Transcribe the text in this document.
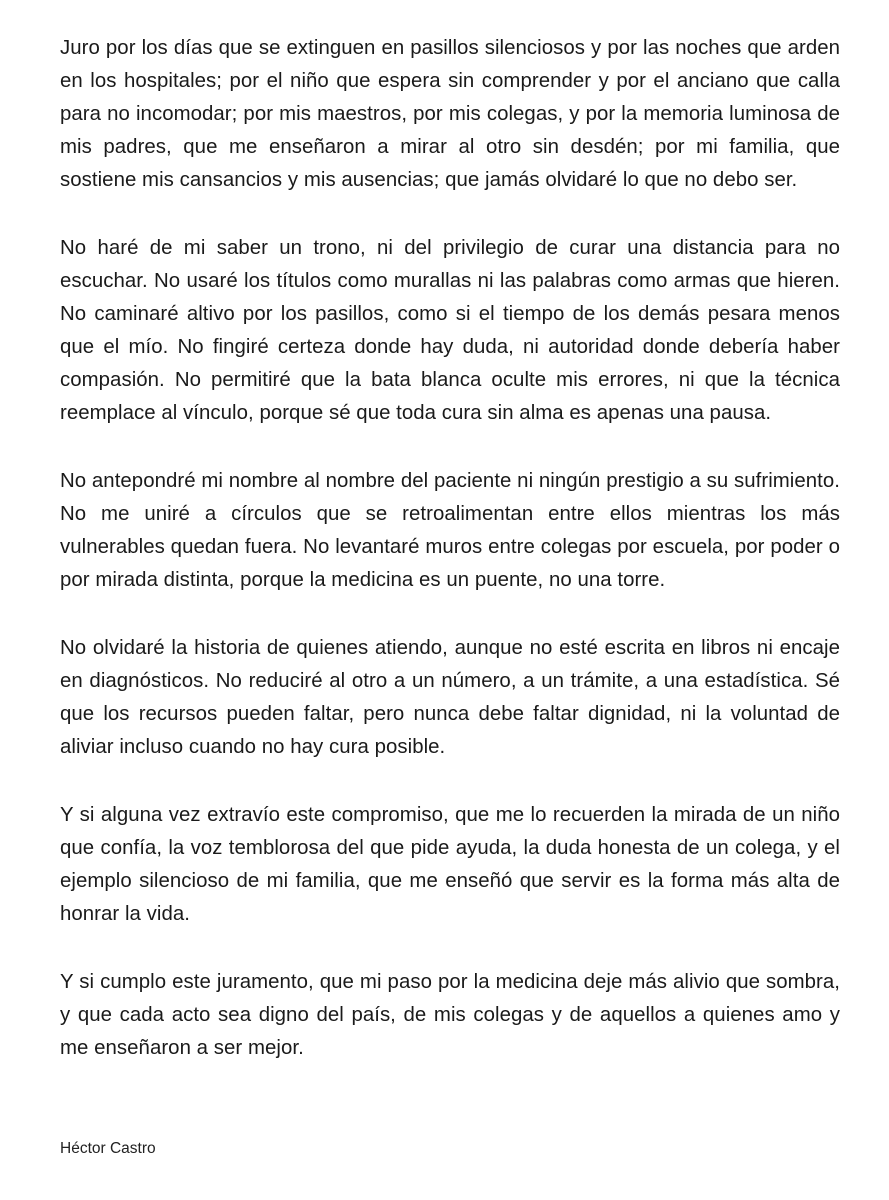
Juro por los días que se extinguen en pasillos silenciosos y por las noches que arden en los hospitales; por el niño que espera sin comprender y por el anciano que calla para no incomodar; por mis maestros, por mis colegas, y por la memoria luminosa de mis padres, que me enseñaron a mirar al otro sin desdén; por mi familia, que sostiene mis cansancios y mis ausencias; que jamás olvidaré lo que no debo ser.

No haré de mi saber un trono, ni del privilegio de curar una distancia para no escuchar. No usaré los títulos como murallas ni las palabras como armas que hieren. No caminaré altivo por los pasillos, como si el tiempo de los demás pesara menos que el mío. No fingiré certeza donde hay duda, ni autoridad donde debería haber compasión. No permitiré que la bata blanca oculte mis errores, ni que la técnica reemplace al vínculo, porque sé que toda cura sin alma es apenas una pausa.

No antepondré mi nombre al nombre del paciente ni ningún prestigio a su sufrimiento. No me uniré a círculos que se retroalimentan entre ellos mientras los más vulnerables quedan fuera. No levantaré muros entre colegas por escuela, por poder o por mirada distinta, porque la medicina es un puente, no una torre.

No olvidaré la historia de quienes atiendo, aunque no esté escrita en libros ni encaje en diagnósticos. No reduciré al otro a un número, a un trámite, a una estadística. Sé que los recursos pueden faltar, pero nunca debe faltar dignidad, ni la voluntad de aliviar incluso cuando no hay cura posible.

Y si alguna vez extravío este compromiso, que me lo recuerden la mirada de un niño que confía, la voz temblorosa del que pide ayuda, la duda honesta de un colega, y el ejemplo silencioso de mi familia, que me enseñó que servir es la forma más alta de honrar la vida.

Y si cumplo este juramento, que mi paso por la medicina deje más alivio que sombra, y que cada acto sea digno del país, de mis colegas y de aquellos a quienes amo y me enseñaron a ser mejor.

Héctor Castro
